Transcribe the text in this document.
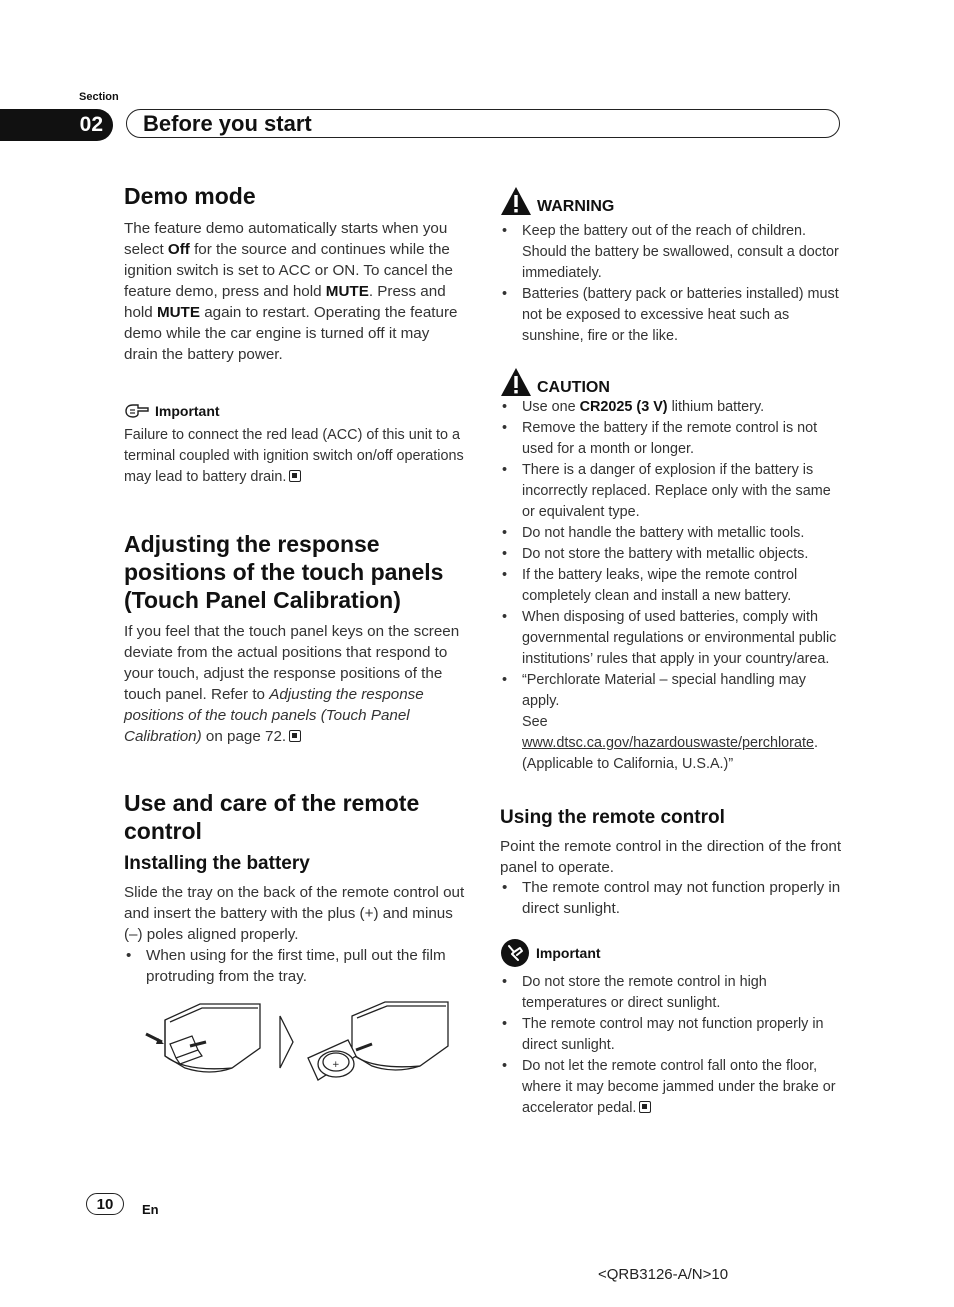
Section
02	Before you start
Demo mode

The feature demo automatically starts when you select Off for the source and continues while the ignition switch is set to ACC or ON. To cancel the feature demo, press and hold MUTE. Press and hold MUTE again to restart. Operating the feature demo while the car engine is turned off it may drain the battery power.

Important

Failure to connect the red lead (ACC) of this unit to a terminal coupled with ignition switch on/off operations may lead to battery drain.

Adjusting the response positions of the touch panels (Touch Panel Calibration)

If you feel that the touch panel keys on the screen deviate from the actual positions that respond to your touch, adjust the response positions of the touch panel. Refer to Adjusting the response positions of the touch panels (Touch Panel Calibration) on page 72.

Use and care of the remote control
Installing the battery

Slide the tray on the back of the remote control out and insert the battery with the plus (+) and minus (–) poles aligned properly.

• When using for the first time, pull out the film protruding from the tray.
+
WARNING
• Keep the battery out of the reach of children. Should the battery be swallowed, consult a doctor immediately.
• Batteries (battery pack or batteries installed) must not be exposed to excessive heat such as sunshine, fire or the like.
CAUTION
• Use one CR2025 (3 V) lithium battery.
• Remove the battery if the remote control is not used for a month or longer.
• There is a danger of explosion if the battery is incorrectly replaced. Replace only with the same or equivalent type.
• Do not handle the battery with metallic tools.
• Do not store the battery with metallic objects.
• If the battery leaks, wipe the remote control completely clean and install a new battery.
• When disposing of used batteries, comply with governmental regulations or environmental public institutions’ rules that apply in your country/area.
• “Perchlorate Material – special handling may apply.
See www.dtsc.ca.gov/hazardouswaste/perchlorate. (Applicable to California, U.S.A.)”
Using the remote control

Point the remote control in the direction of the front panel to operate.

• The remote control may not function properly in direct sunlight.
Important
• Do not store the remote control in high temperatures or direct sunlight.
• The remote control may not function properly in direct sunlight.
• Do not let the remote control fall onto the floor, where it may become jammed under the brake or accelerator pedal.
10	En
<QRB3126-A/N>10
